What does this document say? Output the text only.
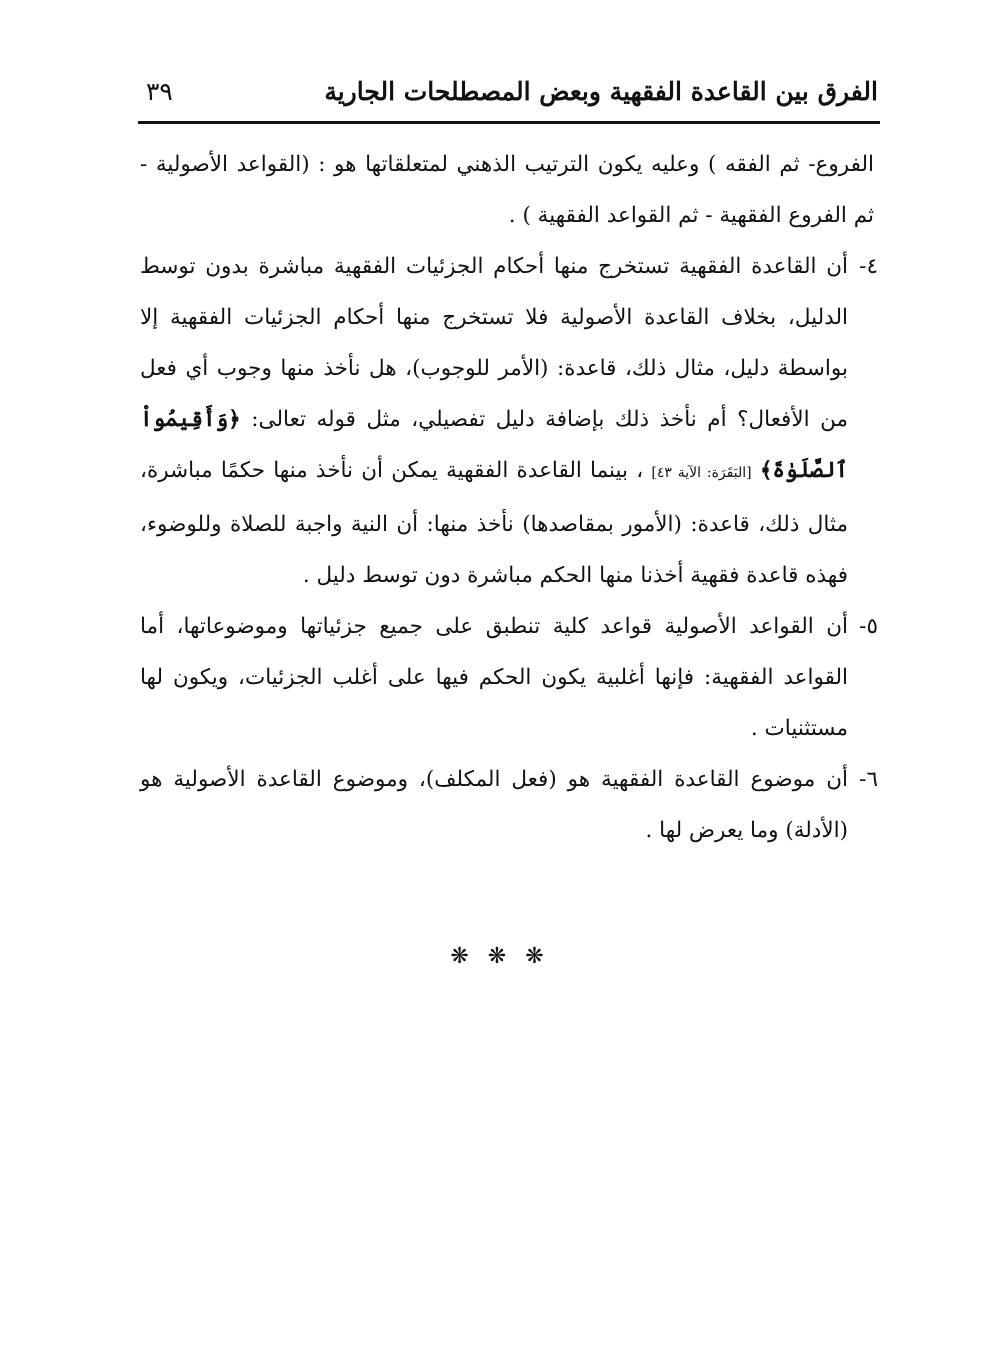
الفرق بين القاعدة الفقهية وبعض المصطلحات الجارية
٣٩

الفروع- ثم الفقه ) وعليه يكون الترتيب الذهني لمتعلقاتها هو : (القواعد الأصولية - ثم الفروع الفقهية - ثم القواعد الفقهية ) .

٤-
أن القاعدة الفقهية تستخرج منها أحكام الجزئيات الفقهية مباشرة بدون توسط الدليل، بخلاف القاعدة الأصولية فلا تستخرج منها أحكام الجزئيات الفقهية إلا بواسطة دليل، مثال ذلك، قاعدة: (الأمر للوجوب)، هل نأخذ منها وجوب أي فعل من الأفعال؟ أم نأخذ ذلك بإضافة دليل تفصيلي، مثل قوله تعالى: ﴿وَأَقِيمُواْ ٱلصَّلَوٰةَ﴾ [البَقَرَة: الآية ٤٣] ، بينما القاعدة الفقهية يمكن أن نأخذ منها حكمًا مباشرة، مثال ذلك، قاعدة: (الأمور بمقاصدها) نأخذ منها: أن النية واجبة للصلاة وللوضوء، فهذه قاعدة فقهية أخذنا منها الحكم مباشرة دون توسط دليل .
٥-
أن القواعد الأصولية قواعد كلية تنطبق على جميع جزئياتها وموضوعاتها، أما القواعد الفقهية: فإنها أغلبية يكون الحكم فيها على أغلب الجزئيات، ويكون لها مستثنيات .
٦-
أن موضوع القاعدة الفقهية هو (فعل المكلف)، وموضوع القاعدة الأصولية هو (الأدلة) وما يعرض لها .
❋ ❋ ❋
